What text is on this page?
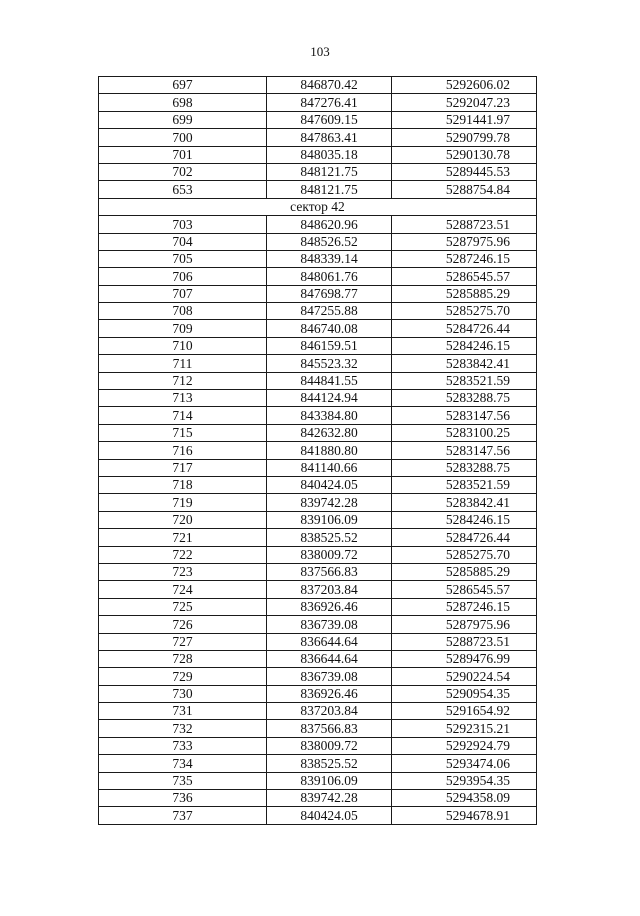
103
697	846870.42	5292606.02
698	847276.41	5292047.23
699	847609.15	5291441.97
700	847863.41	5290799.78
701	848035.18	5290130.78
702	848121.75	5289445.53
653	848121.75	5288754.84
сектор 42		
703	848620.96	5288723.51
704	848526.52	5287975.96
705	848339.14	5287246.15
706	848061.76	5286545.57
707	847698.77	5285885.29
708	847255.88	5285275.70
709	846740.08	5284726.44
710	846159.51	5284246.15
711	845523.32	5283842.41
712	844841.55	5283521.59
713	844124.94	5283288.75
714	843384.80	5283147.56
715	842632.80	5283100.25
716	841880.80	5283147.56
717	841140.66	5283288.75
718	840424.05	5283521.59
719	839742.28	5283842.41
720	839106.09	5284246.15
721	838525.52	5284726.44
722	838009.72	5285275.70
723	837566.83	5285885.29
724	837203.84	5286545.57
725	836926.46	5287246.15
726	836739.08	5287975.96
727	836644.64	5288723.51
728	836644.64	5289476.99
729	836739.08	5290224.54
730	836926.46	5290954.35
731	837203.84	5291654.92
732	837566.83	5292315.21
733	838009.72	5292924.79
734	838525.52	5293474.06
735	839106.09	5293954.35
736	839742.28	5294358.09
737	840424.05	5294678.91
